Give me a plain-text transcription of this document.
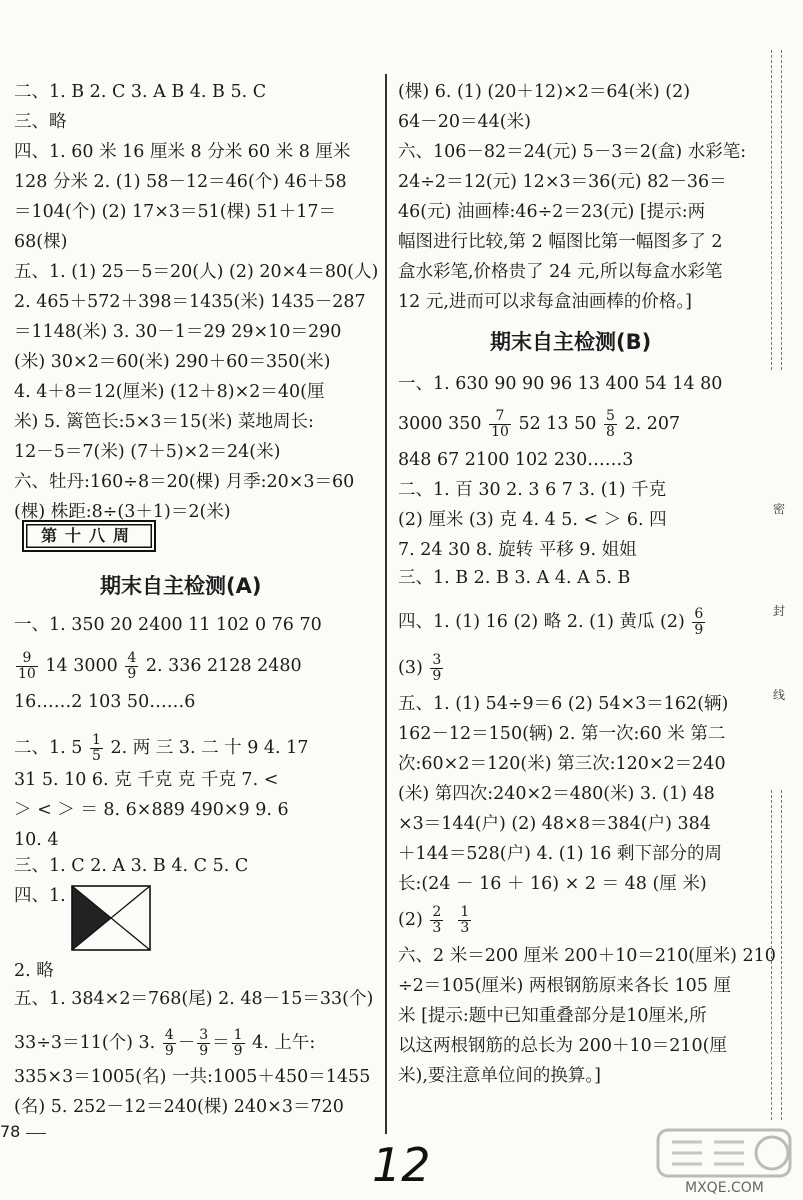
二、1. B 2. C 3. A B 4. B 5. C

三、略

四、1. 60 米 16 厘米 8 分米 60 米 8 厘米

128 分米 2. (1) 58－12＝46(个) 46＋58

＝104(个) (2) 17×3＝51(棵) 51＋17＝

68(棵)

五、1. (1) 25－5＝20(人) (2) 20×4＝80(人)

2. 465＋572＋398＝1435(米) 1435－287

＝1148(米) 3. 30－1＝29 29×10＝290

(米) 30×2＝60(米) 290＋60＝350(米)

4. 4＋8＝12(厘米) (12＋8)×2＝40(厘

米) 5. 篱笆长:5×3＝15(米) 菜地周长:

12－5＝7(米) (7＋5)×2＝24(米)

六、牡丹:160÷8＝20(棵) 月季:20×3＝60

(棵) 株距:8÷(3＋1)＝2(米)

一、1. 350 20 2400 11 102 0 76 70

$\frac{9}{10} 14$ $3000 \frac{4}{9} 2$. 336 2128 2480

16……2 103 50……6

二、1. $5 \frac{1}{5} 2$. 两 三 3. 二 十 9 4. 17

31 5. 10 6. 克 千克 克 千克 7. <

＞ < ＞ ＝ 8. 6×889 490×9 9. 6

10. 4

三、1. C 2. A 3. B 4. C 5. C

四、1.

2. 略

五、1. 384×2＝768(尾) 2. 48－15＝33(个)

33÷3＝11(个) 3. $\frac{4}{9} - \frac{3}{9} = \frac{1}{9} 4$. 上午:

335×3＝1005(名) 一共:1005＋450＝1455

(名) 5. 252－12＝240(棵) 240×3＝720

第十八周
期末自主检测(A)

(棵) 6. (1) (20＋12)×2＝64(米) (2)

64－20＝44(米)

六、106－82＝24(元) 5－3＝2(盒) 水彩笔:

24÷2＝12(元) 12×3＝36(元) 82－36＝

46(元) 油画棒:46÷2＝23(元) [提示:两

幅图进行比较,第 2 幅图比第一幅图多了 2

盒水彩笔,价格贵了 24 元,所以每盒水彩笔

12 元,进而可以求每盒油画棒的价格。]

一、1. 630 90 90 96 13 400 54 14 80

3000 $350 \frac{7}{10} 52$ 13 $50 \frac{5}{8} 2$. 207

848 67 2100 102 230……3

二、1. 百 30 2. 3 6 7 3. (1) 千克

(2) 厘米 (3) 克 4. 4 5. < ＞ 6. 四

7. 24 30 8. 旋转 平移 9. 姐姐

三、1. B 2. B 3. A 4. A 5. B

四、1. (1) 16 (2) 略 2. (1) 黄瓜 $(2) \frac{6}{9}$

$(3) \frac{3}{9}$

五、1. (1) 54÷9＝6 (2) 54×3＝162(辆)

162－12＝150(辆) 2. 第一次:60 米 第二

次:60×2＝120(米) 第三次:120×2＝240

(米) 第四次:240×2＝480(米) 3. (1) 48

×3＝144(户) (2) 48×8＝384(户) 384

＋144＝528(户) 4. (1) 16 剩下部分的周

长:(24 － 16 ＋ 16) × 2 ＝ 48 (厘 米)

$(2) \frac{2}{3}$
$\frac{1}{3}$

六、2 米＝200 厘米 200＋10＝210(厘米) 210

÷2＝105(厘米) 两根钢筋原来各长 105 厘

米 [提示:题中已知重叠部分是10厘米,所

以这两根钢筋的总长为 200＋10＝210(厘

米),要注意单位间的换算。]

期末自主检测(B)
密
封
线
78
12	MXQE.COM
